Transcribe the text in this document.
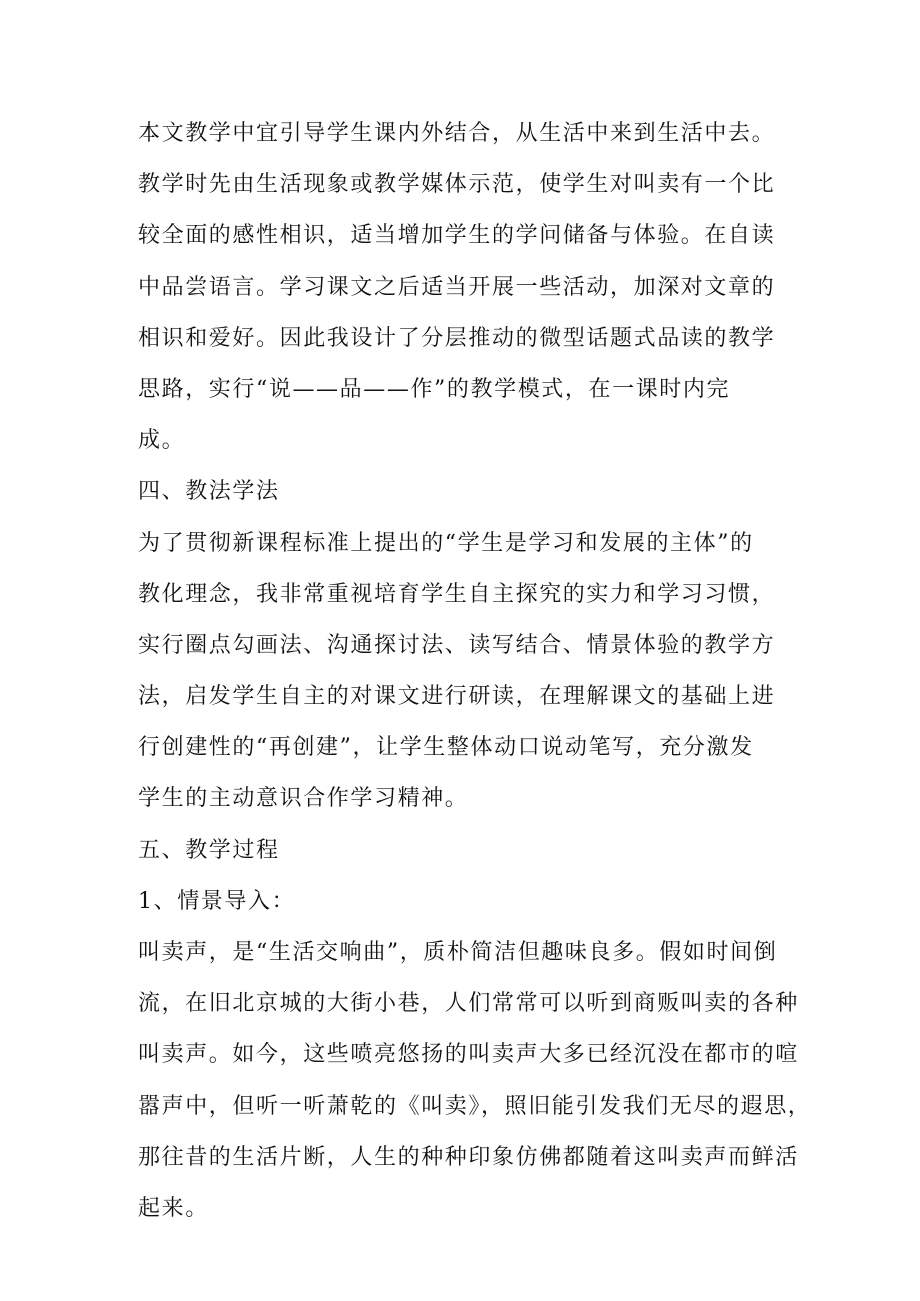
本文教学中宜引导学生课内外结合，从生活中来到生活中去。
教学时先由生活现象或教学媒体示范，使学生对叫卖有一个比
较全面的感性相识，适当增加学生的学问储备与体验。在自读
中品尝语言。学习课文之后适当开展一些活动，加深对文章的
相识和爱好。因此我设计了分层推动的微型话题式品读的教学
思路，实行“说——品——作”的教学模式，在一课时内完
成。
四、教法学法
为了贯彻新课程标准上提出的“学生是学习和发展的主体”的
教化理念，我非常重视培育学生自主探究的实力和学习习惯，
实行圈点勾画法、沟通探讨法、读写结合、情景体验的教学方
法，启发学生自主的对课文进行研读，在理解课文的基础上进
行创建性的“再创建”，让学生整体动口说动笔写，充分激发
学生的主动意识合作学习精神。
五、教学过程
1、情景导入：
叫卖声，是“生活交响曲”，质朴简洁但趣味良多。假如时间倒
流，在旧北京城的大街小巷，人们常常可以听到商贩叫卖的各种
叫卖声。如今，这些喷亮悠扬的叫卖声大多已经沉没在都市的喧
嚣声中，但听一听萧乾的《叫卖》，照旧能引发我们无尽的遐思，
那往昔的生活片断，人生的种种印象仿佛都随着这叫卖声而鲜活
起来。
